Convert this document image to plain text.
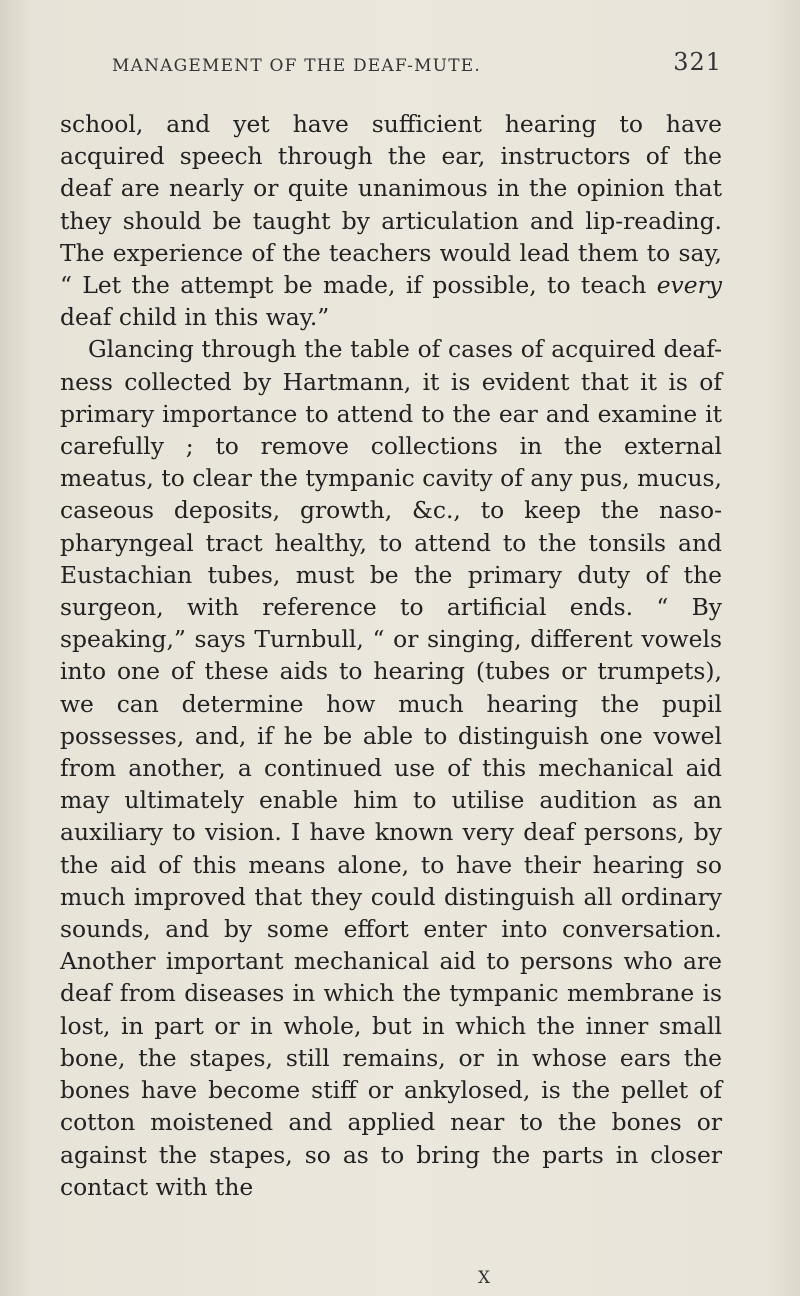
MANAGEMENT OF THE DEAF-MUTE.	321

school, and yet have sufficient hearing to have acquired speech through the ear, instructors of the deaf are nearly or quite unanimous in the opinion that they should be taught by articulation and lip-reading. The experience of the teachers would lead them to say, “ Let the attempt be made, if possible, to teach every deaf child in this way.”

Glancing through the table of cases of acquired deaf- ness collected by Hartmann, it is evident that it is of primary importance to attend to the ear and examine it carefully ; to remove collections in the external meatus, to clear the tympanic cavity of any pus, mucus, caseous deposits, growth, &c., to keep the naso-pharyngeal tract healthy, to attend to the tonsils and Eustachian tubes, must be the primary duty of the surgeon, with reference to artificial ends. “ By speaking,” says Turnbull, “ or singing, different vowels into one of these aids to hearing (tubes or trumpets), we can determine how much hearing the pupil possesses, and, if he be able to distinguish one vowel from another, a continued use of this mechanical aid may ultimately enable him to utilise audition as an auxiliary to vision. I have known very deaf persons, by the aid of this means alone, to have their hearing so much improved that they could distinguish all ordinary sounds, and by some effort enter into conversation. Another important mechanical aid to persons who are deaf from diseases in which the tympanic membrane is lost, in part or in whole, but in which the inner small bone, the stapes, still remains, or in whose ears the bones have become stiff or ankylosed, is the pellet of cotton moistened and applied near to the bones or against the stapes, so as to bring the parts in closer contact with the

X
